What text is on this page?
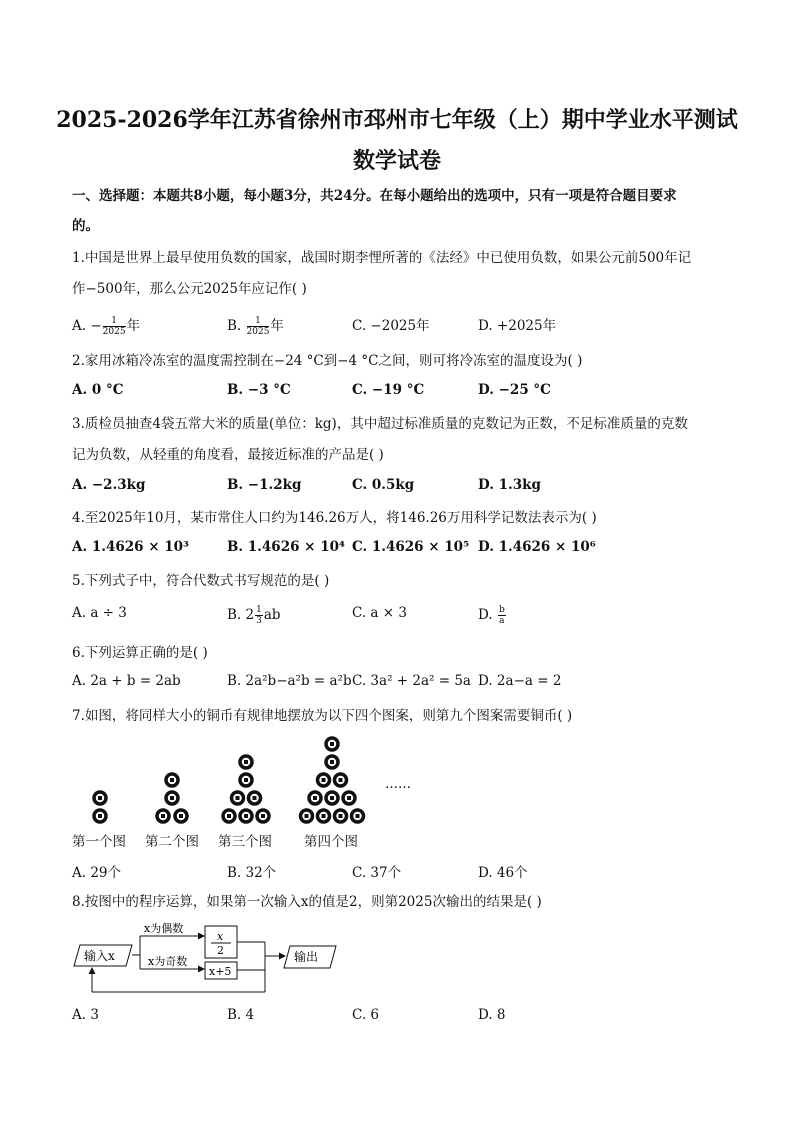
2025-2026学年江苏省徐州市邳州市七年级（上）期中学业水平测试
数学试卷
一、选择题：本题共8小题，每小题3分，共24分。在每小题给出的选项中，只有一项是符合题目要求
的。
1.中国是世界上最早使用负数的国家，战国时期李悝所著的《法经》中已使用负数，如果公元前500年记
作−500年，那么公元2025年应记作( )
A. − $\frac{1}{2025}$ 年	B. $\frac{1}{2025}$ 年	C. −2025年	D. +2025年
2.家用冰箱冷冻室的温度需控制在−24 °C到−4 °C之间，则可将冷冻室的温度设为( )
A. 0 °C	B. −3 °C	C. −19 °C	D. −25 °C
3.质检员抽查4袋五常大米的质量(单位：kg)，其中超过标准质量的克数记为正数，不足标准质量的克数
记为负数，从轻重的角度看，最接近标准的产品是( )
A. −2.3kg	B. −1.2kg	C. 0.5kg	D. 1.3kg
4.至2025年10月，某市常住人口约为146.26万人，将146.26万用科学记数法表示为( )
A. 1.4626 × 10³	B. 1.4626 × 10⁴ C. 1.4626 × 10⁵ D. 1.4626 × 10⁶
5.下列式子中，符合代数式书写规范的是( )
A. a ÷ 3	B. $2 \frac{1}{3}$ ab	C. a × 3	D. $\frac{b}{a}$
6.下列运算正确的是( )
A. 2a + b = 2ab	B. 2a²b−a²b = a²b C. 3a² + 2a² = 5a D. 2a−a = 2
7.如图，将同样大小的铜币有规律地摆放为以下四个图案，则第九个图案需要铜币( )
……
第一个图 第二个图 第三个图 第四个图
A. 29个	B. 32个	C. 37个	D. 46个
8.按图中的程序运算，如果第一次输入x的值是2，则第2025次输出的结果是( )
输入x
x为偶数
x为奇数
x
2
x+5
输出
A. 3	B. 4	C. 6	D. 8
